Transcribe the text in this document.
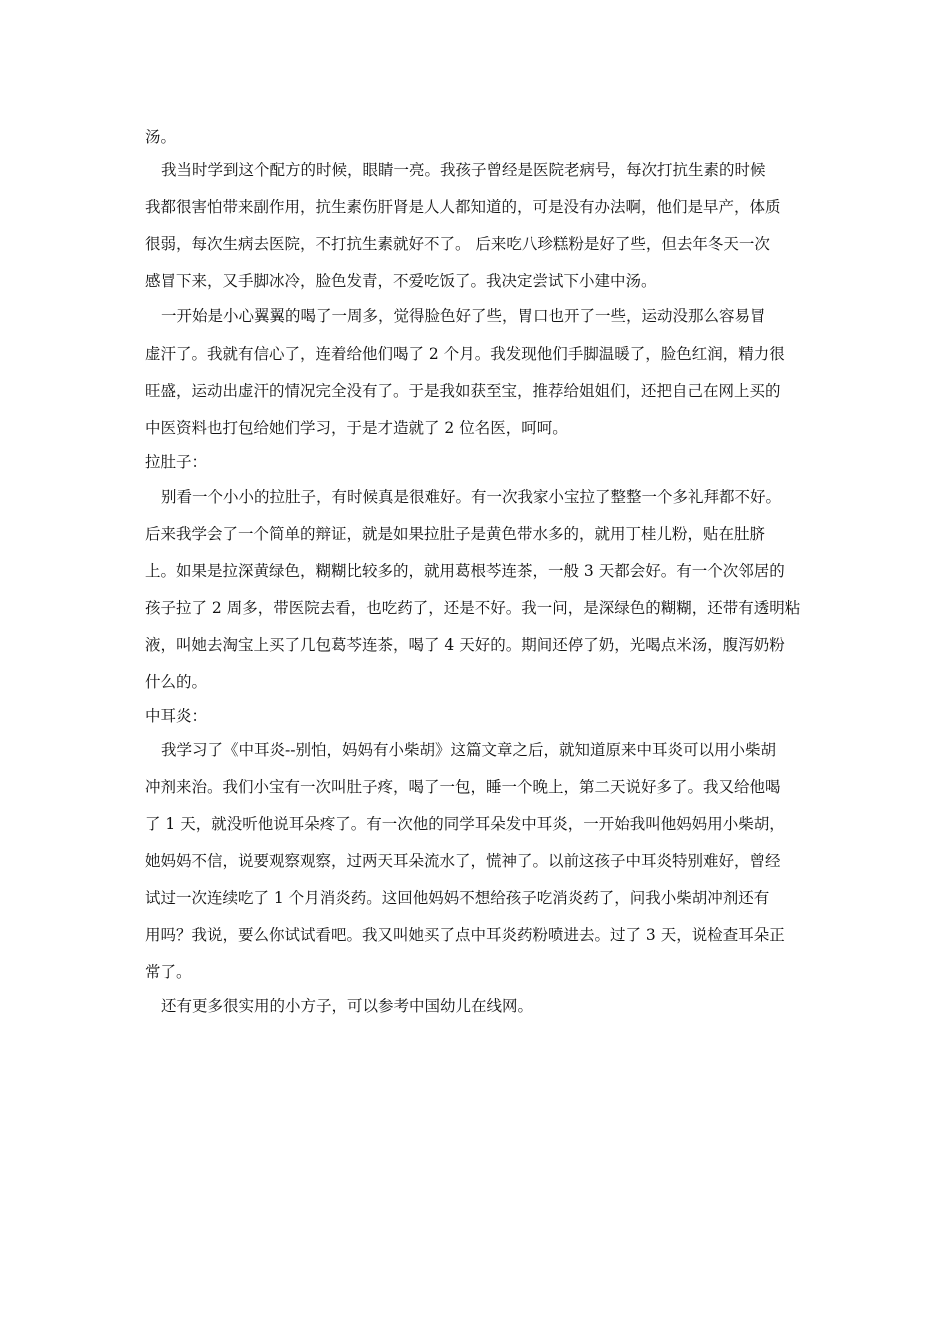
汤。
我当时学到这个配方的时候，眼睛一亮。我孩子曾经是医院老病号，每次打抗生素的时候
我都很害怕带来副作用，抗生素伤肝肾是人人都知道的，可是没有办法啊，他们是早产，体质
很弱，每次生病去医院，不打抗生素就好不了。 后来吃八珍糕粉是好了些，但去年冬天一次
感冒下来，又手脚冰冷，脸色发青，不爱吃饭了。我决定尝试下小建中汤。
一开始是小心翼翼的喝了一周多，觉得脸色好了些，胃口也开了一些，运动没那么容易冒
虚汗了。我就有信心了，连着给他们喝了 2 个月。我发现他们手脚温暖了，脸色红润，精力很
旺盛，运动出虚汗的情况完全没有了。于是我如获至宝，推荐给姐姐们，还把自己在网上买的
中医资料也打包给她们学习，于是才造就了 2 位名医，呵呵。
拉肚子：
别看一个小小的拉肚子，有时候真是很难好。有一次我家小宝拉了整整一个多礼拜都不好。
后来我学会了一个简单的辩证，就是如果拉肚子是黄色带水多的，就用丁桂儿粉，贴在肚脐
上。如果是拉深黄绿色，糊糊比较多的，就用葛根芩连茶，一般 3 天都会好。有一个次邻居的
孩子拉了 2 周多，带医院去看，也吃药了，还是不好。我一问，是深绿色的糊糊，还带有透明粘
液，叫她去淘宝上买了几包葛芩连茶，喝了 4 天好的。期间还停了奶，光喝点米汤，腹泻奶粉
什么的。
中耳炎：
我学习了《中耳炎--别怕，妈妈有小柴胡》这篇文章之后，就知道原来中耳炎可以用小柴胡
冲剂来治。我们小宝有一次叫肚子疼，喝了一包，睡一个晚上，第二天说好多了。我又给他喝
了 1 天，就没听他说耳朵疼了。有一次他的同学耳朵发中耳炎，一开始我叫他妈妈用小柴胡，
她妈妈不信，说要观察观察，过两天耳朵流水了，慌神了。以前这孩子中耳炎特别难好，曾经
试过一次连续吃了 1 个月消炎药。这回他妈妈不想给孩子吃消炎药了，问我小柴胡冲剂还有
用吗？我说，要么你试试看吧。我又叫她买了点中耳炎药粉喷进去。过了 3 天，说检查耳朵正
常了。
还有更多很实用的小方子，可以参考中国幼儿在线网。
